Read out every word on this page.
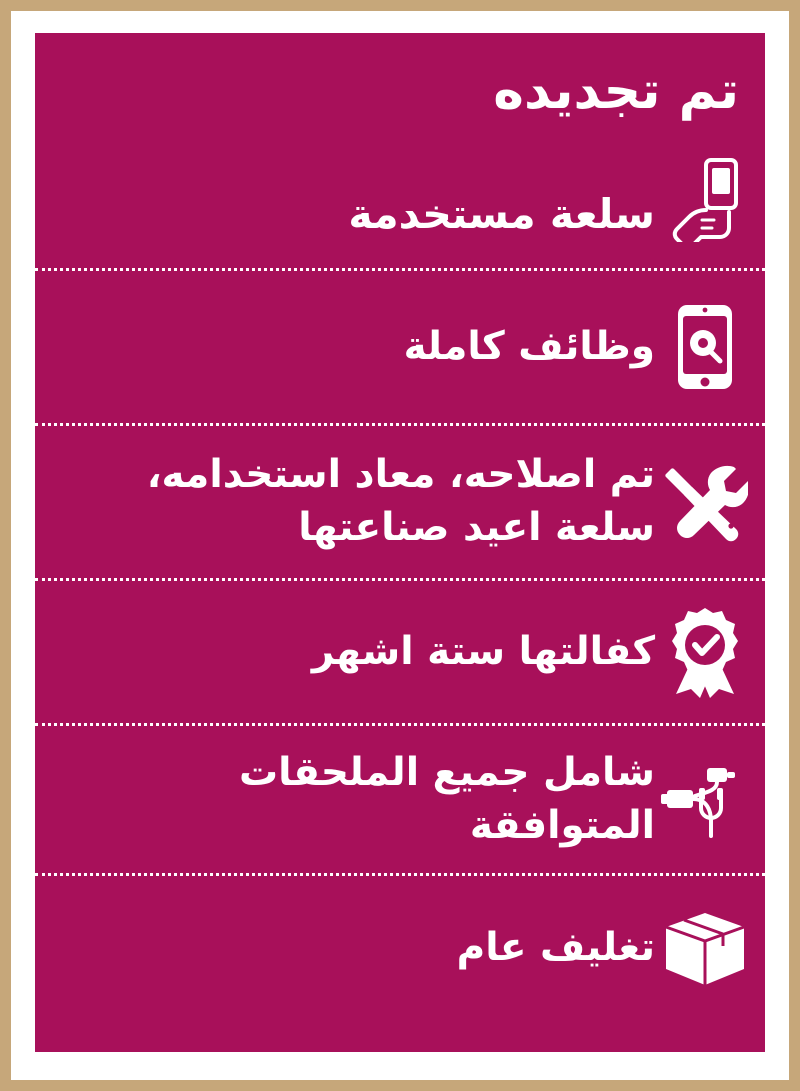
تم تجديده
سلعة مستخدمة
وظائف كاملة
تم اصلاحه، معاد استخدامه، سلعة اعيد صناعتها
كفالتها ستة اشهر
شامل جميع الملحقات المتوافقة
تغليف عام
